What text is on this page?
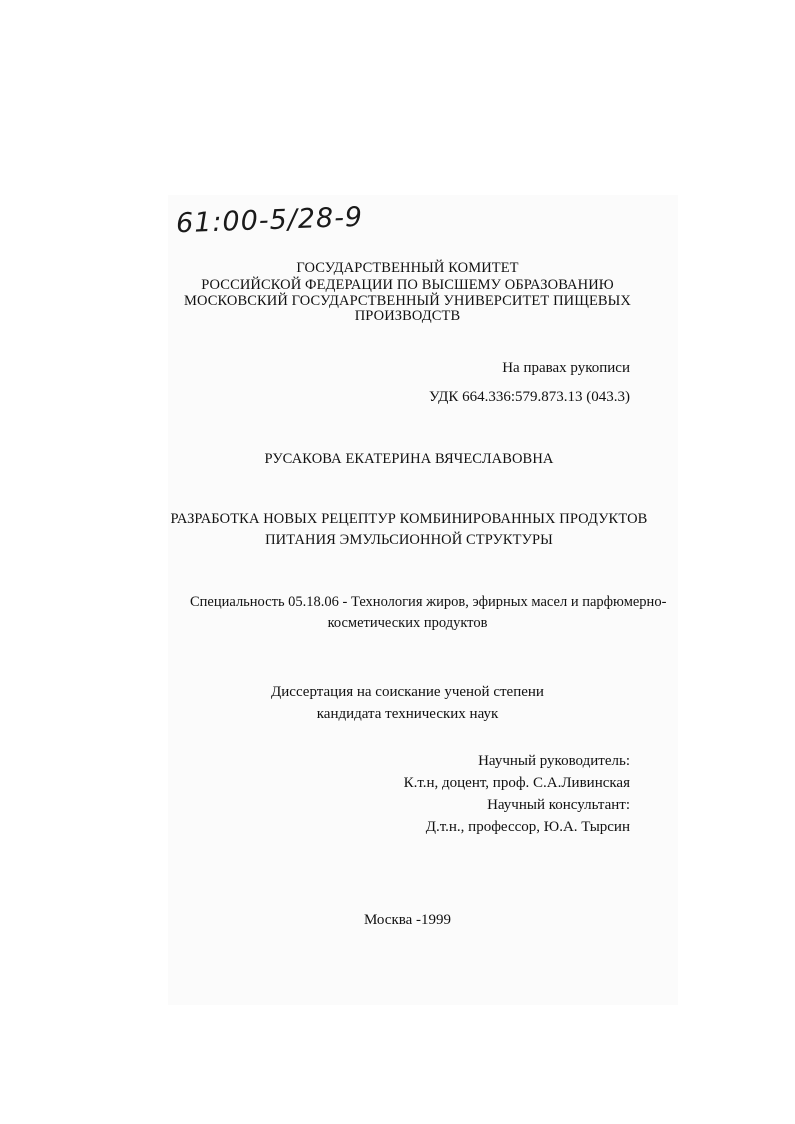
61:00-5/28-9
ГОСУДАРСТВЕННЫЙ КОМИТЕТ
РОССИЙСКОЙ ФЕДЕРАЦИИ ПО ВЫСШЕМУ ОБРАЗОВАНИЮ
МОСКОВСКИЙ ГОСУДАРСТВЕННЫЙ УНИВЕРСИТЕТ ПИЩЕВЫХ
ПРОИЗВОДСТВ
На правах рукописи
УДК 664.336:579.873.13 (043.3)
РУСАКОВА ЕКАТЕРИНА ВЯЧЕСЛАВОВНА
РАЗРАБОТКА НОВЫХ РЕЦЕПТУР КОМБИНИРОВАННЫХ ПРОДУКТОВ
ПИТАНИЯ ЭМУЛЬСИОННОЙ СТРУКТУРЫ
Специальность 05.18.06 - Технология жиров, эфирных масел и парфюмерно-
косметических продуктов
Диссертация на соискание ученой степени
кандидата технических наук
Научный руководитель:
К.т.н, доцент, проф. С.А.Ливинская
Научный консультант:
Д.т.н., профессор, Ю.А. Тырсин
Москва -1999
